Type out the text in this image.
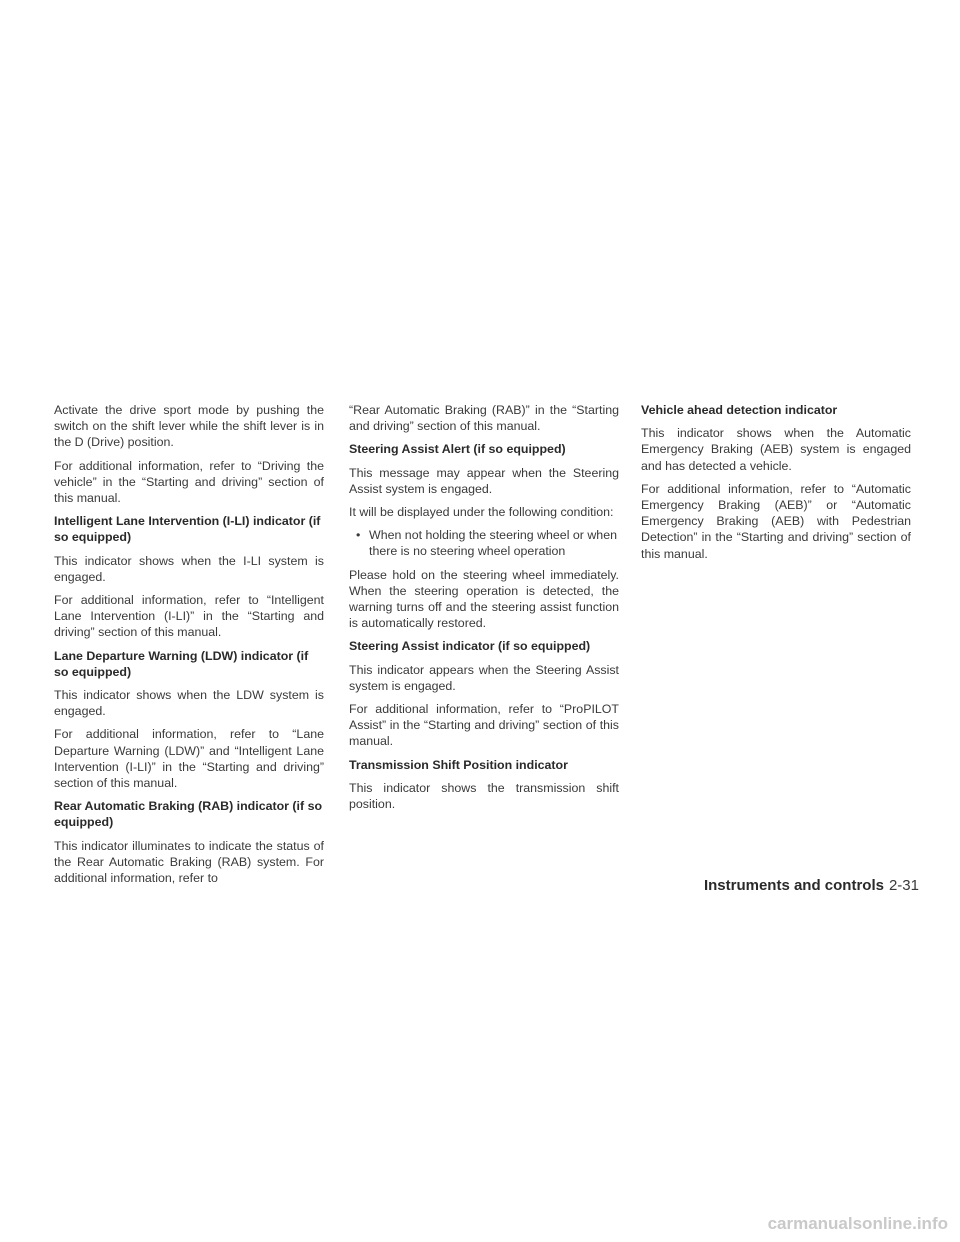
Activate the drive sport mode by pushing the switch on the shift lever while the shift lever is in the D (Drive) position.

For additional information, refer to “Driving the vehicle” in the “Starting and driving” section of this manual.

Intelligent Lane Intervention (I-LI) indicator (if so equipped)

This indicator shows when the I-LI system is engaged.

For additional information, refer to “Intelligent Lane Intervention (I-LI)” in the “Starting and driving” section of this manual.

Lane Departure Warning (LDW) indicator (if so equipped)

This indicator shows when the LDW system is engaged.

For additional information, refer to “Lane Departure Warning (LDW)” and “Intelligent Lane Intervention (I-LI)” in the “Starting and driving” section of this manual.

Rear Automatic Braking (RAB) indicator (if so equipped)

This indicator illuminates to indicate the status of the Rear Automatic Braking (RAB) system. For additional information, refer to

“Rear Automatic Braking (RAB)” in the “Starting and driving” section of this manual.

Steering Assist Alert (if so equipped)

This message may appear when the Steering Assist system is engaged.

It will be displayed under the following condition:

• When not holding the steering wheel or when there is no steering wheel operation

Please hold on the steering wheel immediately. When the steering operation is detected, the warning turns off and the steering assist function is automatically restored.

Steering Assist indicator (if so equipped)

This indicator appears when the Steering Assist system is engaged.

For additional information, refer to “ProPILOT Assist” in the “Starting and driving” section of this manual.

Transmission Shift Position indicator

This indicator shows the transmission shift position.

Vehicle ahead detection indicator

This indicator shows when the Automatic Emergency Braking (AEB) system is engaged and has detected a vehicle.

For additional information, refer to “Automatic Emergency Braking (AEB)” or “Automatic Emergency Braking (AEB) with Pedestrian Detection” in the “Starting and driving” section of this manual.

Instruments and controls 2-31
carmanualsonline.info
